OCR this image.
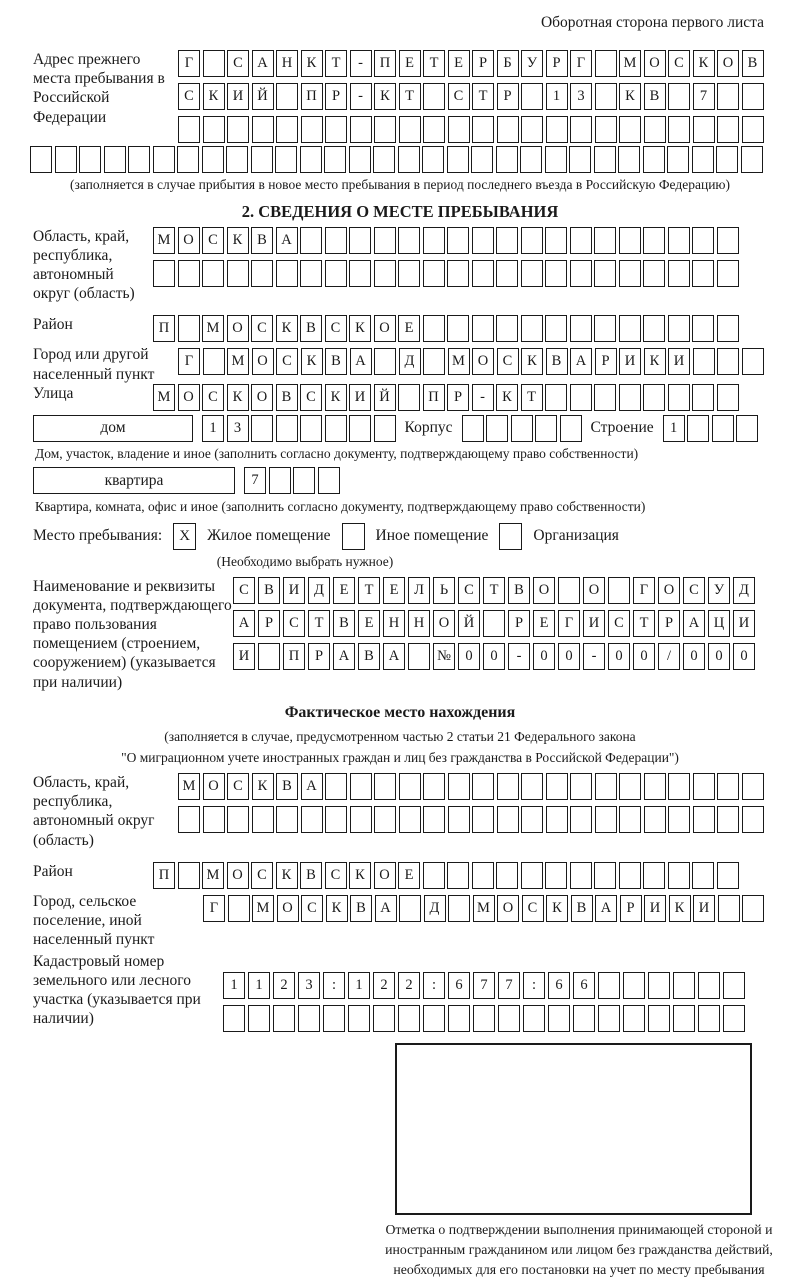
Оборотная сторона первого листа
Адрес прежнего места пребывания в Российской Федерации
Г	С А Н К	Т	-	П	Е	Т	Е	Р	Б	У	Р	Г	М О С	К О В
С	К И Й	П	Р	-	К	Т	С	Т	Р	1	3	К	В	7
(заполняется в случае прибытия в новое место пребывания в период последнего въезда в Российскую Федерацию)
2. СВЕДЕНИЯ О МЕСТЕ ПРЕБЫВАНИЯ
Область, край, республика, автономный округ (область)
М О С	К	В А
Район	П	М О С	К	В	С	К О	Е
Город или другой населенный пункт
Г	М О С	К	В А	Д	М О С	К	В А	Р	И К И
Улица	М О С	К О В	С	К И Й	П	Р	-	К	Т
дом	1	3	Корпус	Строение	1
Дом, участок, владение и иное (заполнить согласно документу, подтверждающему право собственности)
квартира	7
Квартира, комната, офис и иное (заполнить согласно документу, подтверждающему право собственности)
Место пребывания:	X	Жилое помещение	Иное помещение	Организация
(Необходимо выбрать нужное)
Наименование и реквизиты документа, подтверждающего право пользования помещением (строением, сооружением) (указывается при наличии)
С	В	И	Д	Е	Т	Е	Л	Ь	С	Т	В	О	О	Г	О	С	У	Д
А	Р	С	Т	В	Е	Н	Н	О	Й	Р	Е	Г	И	С	Т	Р	А	Ц	И
И	П	Р	А	В	А	№ 0	0	-	0	0	-	0	0	/	0	0	0
Фактическое место нахождения
(заполняется в случае, предусмотренном частью 2 статьи 21 Федерального закона
"О миграционном учете иностранных граждан и лиц без гражданства в Российской Федерации")
Область, край, республика, автономный округ (область)
М О С	К	В А
Район	П	М О С	К	В	С	К О	Е
Город, сельское поселение, иной населенный пункт
Г	М О С	К	В А	Д	М О С	К	В А	Р	И К И
Кадастровый номер земельного или лесного участка (указывается при наличии)
1	1	2	3	:	1	2	2	:	6	7	7	:	6	6
Отметка о подтверждении выполнения принимающей стороной и иностранным гражданином или лицом без гражданства действий, необходимых для его постановки на учет по месту пребывания
